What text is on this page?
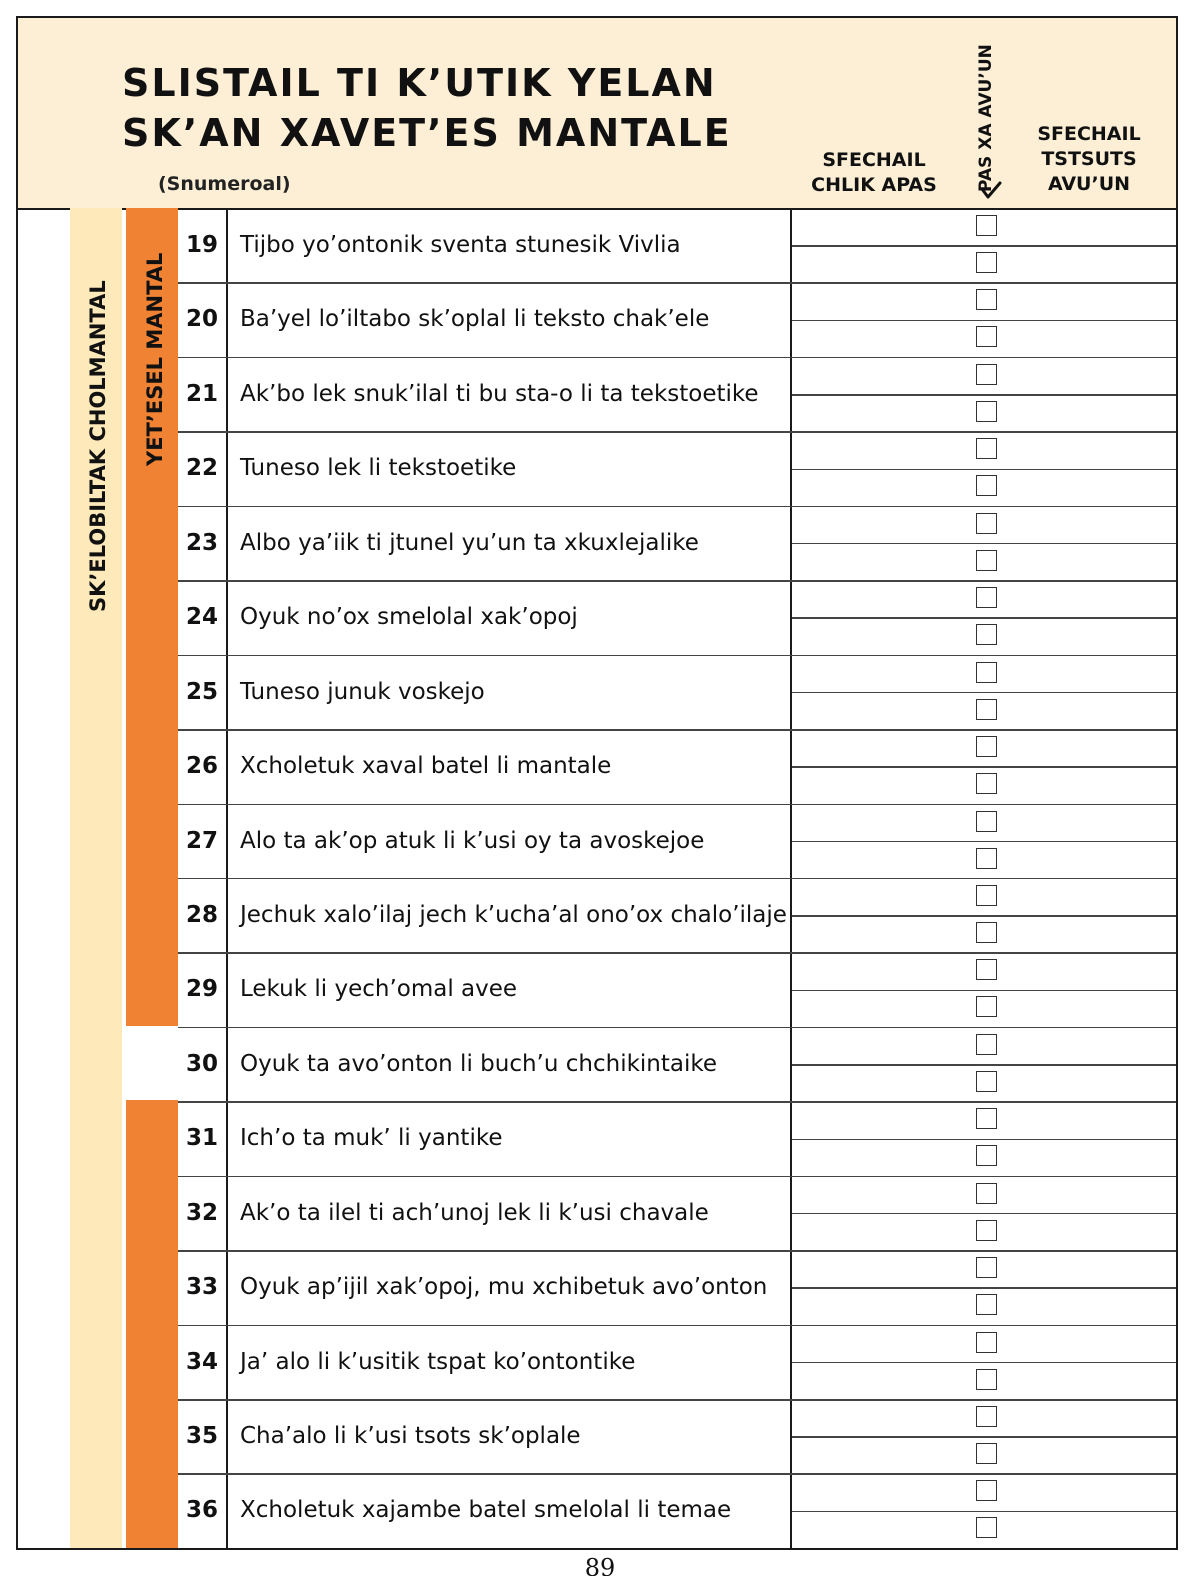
SLISTAIL TI K’UTIK YELAN
SK’AN XAVET’ES MANTALE
(Snumeroal)
SFECHAIL
CHLIK APAS	PAS XA AVU’UN	SFECHAIL
TSTSUTS
AVU’UN
SK’ELOBILTAK CHOLMANTAL YET’ESEL MANTAL
19 Tijbo yo’ontonik sventa stunesik Vivlia
20 Ba’yel lo’iltabo sk’oplal li teksto chak’ele
21 Ak’bo lek snuk’ilal ti bu sta-o li ta tekstoetike
22 Tuneso lek li tekstoetike
23 Albo ya’iik ti jtunel yu’un ta xkuxlejalike
24 Oyuk no’ox smelolal xak’opoj
25 Tuneso junuk voskejo
26 Xcholetuk xaval batel li mantale
27 Alo ta ak’op atuk li k’usi oy ta avoskejoe
28 Jechuk xalo’ilaj jech k’ucha’al ono’ox chalo’ilaje
29 Lekuk li yech’omal avee
30 Oyuk ta avo’onton li buch’u chchikintaike
31 Ich’o ta muk’ li yantike
32 Ak’o ta ilel ti ach’unoj lek li k’usi chavale
33 Oyuk ap’ijil xak’opoj, mu xchibetuk avo’onton
34 Ja’ alo li k’usitik tspat ko’ontontike
35 Cha’alo li k’usi tsots sk’oplale
36 Xcholetuk xajambe batel smelolal li temae
89
